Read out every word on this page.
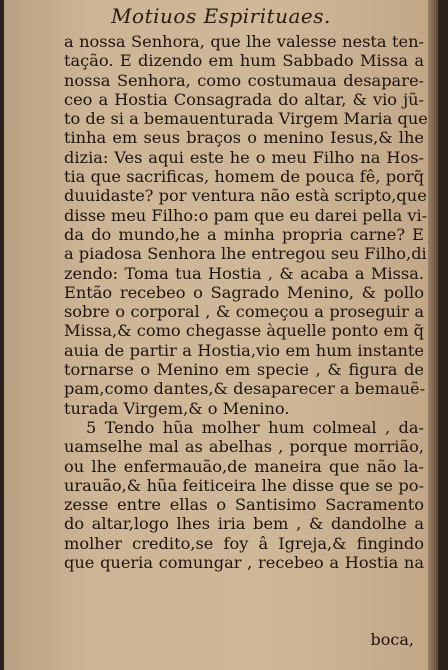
Motiuos Espirituaes.
a nossa Senhora, que lhe valesse nesta ten-
tação. E dizendo em hum Sabbado Missa a
nossa Senhora, como costumaua desapare-
ceo a Hostia Consagrada do altar, & vio jũ-
to de si a bemauenturada Virgem Maria que
tinha em seus braços o menino Iesus,& lhe
dizia: Ves aqui este he o meu Filho na Hos-
tia que sacrificas, homem de pouca fê, porq̃
duuidaste? por ventura não està scripto,que
disse meu Filho:o pam que eu darei pella vi-
da do mundo,he a minha propria carne? E
a piadosa Senhora lhe entregou seu Filho,di
zendo: Toma tua Hostia , & acaba a Missa.
Então recebeo o Sagrado Menino, & pollo
sobre o corporal , & começou a proseguir a
Missa,& como chegasse àquelle ponto em q̃
auia de partir a Hostia,vio em hum instante
tornarse o Menino em specie , & figura de
pam,como dantes,& desaparecer a bemauẽ-
turada Virgem,& o Menino.
5 Tendo hũa molher hum colmeal , da-
uamselhe mal as abelhas , porque morrião,
ou lhe enfermauão,de maneira que não la-
urauão,& hũa feiticeira lhe disse que se po-
zesse entre ellas o Santisimo Sacramento
do altar,logo lhes iria bem , & dandolhe a
molher credito,se foy â Igreja,& fingindo
que queria comungar , recebeo a Hostia na
boca,
